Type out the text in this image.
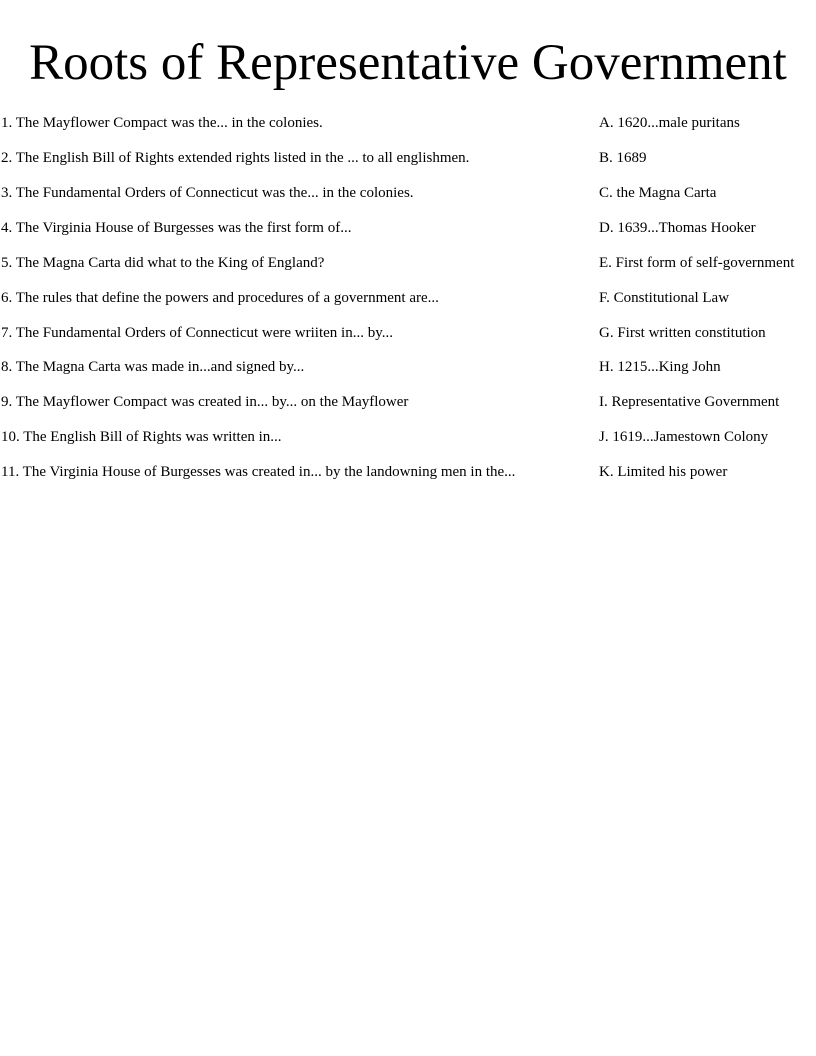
Roots of Representative Government
1. The Mayflower Compact was the... in the colonies.	A. 1620...male puritans
2. The English Bill of Rights extended rights listed in the ... to all englishmen.	B. 1689
3. The Fundamental Orders of Connecticut was the... in the colonies.	C. the Magna Carta
4. The Virginia House of Burgesses was the first form of...	D. 1639...Thomas Hooker
5. The Magna Carta did what to the King of England?	E. First form of self-government
6. The rules that define the powers and procedures of a government are...	F. Constitutional Law
7. The Fundamental Orders of Connecticut were wriiten in... by...	G. First written constitution
8. The Magna Carta was made in...and signed by...	H. 1215...King John
9. The Mayflower Compact was created in... by... on the Mayflower	I. Representative Government
10. The English Bill of Rights was written in...	J. 1619...Jamestown Colony
11. The Virginia House of Burgesses was created in... by the landowning men in the...	K. Limited his power
